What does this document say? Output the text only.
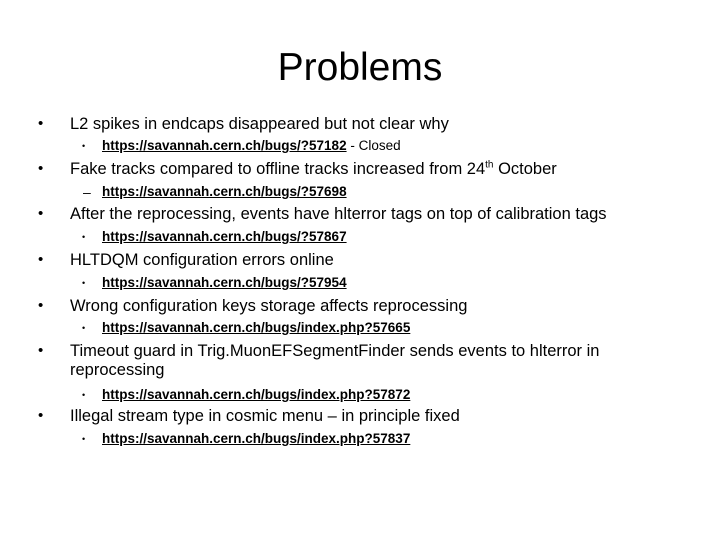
Problems
• L2 spikes in endcaps disappeared but not clear why
• https://savannah.cern.ch/bugs/?57182 - Closed
• Fake tracks compared to offline tracks increased from 24th October
– https://savannah.cern.ch/bugs/?57698
• After the reprocessing, events have hlterror tags on top of calibration tags
• https://savannah.cern.ch/bugs/?57867
• HLTDQM configuration errors online
• https://savannah.cern.ch/bugs/?57954
• Wrong configuration keys storage affects reprocessing
• https://savannah.cern.ch/bugs/index.php?57665
• Timeout guard in Trig.MuonEFSegmentFinder sends events to hlterror in reprocessing
• https://savannah.cern.ch/bugs/index.php?57872
• Illegal stream type in cosmic menu – in principle fixed
• https://savannah.cern.ch/bugs/index.php?57837
